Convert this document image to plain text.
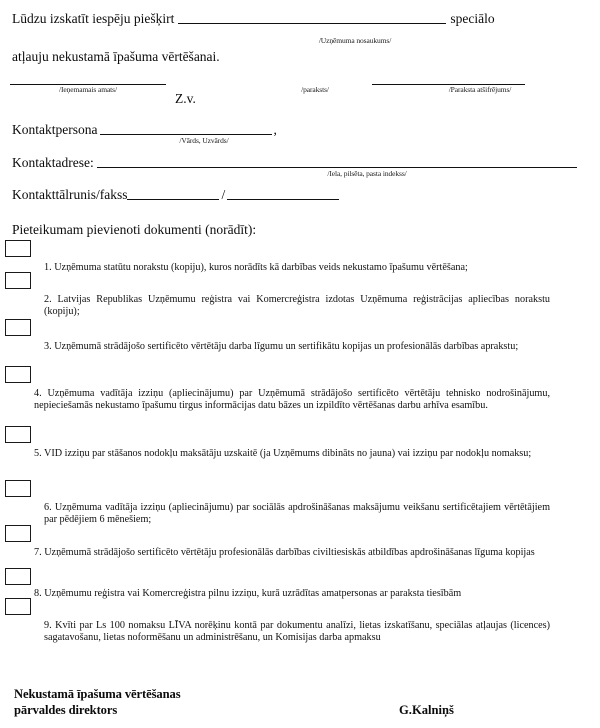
Lūdzu izskatīt iespēju piešķirt	speciālo
/Uzņēmuma nosaukums/
atļauju nekustamā īpašuma vērtēšanai.
/Ieņemamais amats/
Z.v.
/paraksts/	/Paraksta atšifrējums/
Kontaktpersona	,
/Vārds, Uzvārds/
Kontaktadrese:
/Iela, pilsēta, pasta indekss/
Kontakttālrunis/fakss	/
Pieteikumam pievienoti dokumenti (norādīt):
1. Uzņēmuma statūtu norakstu (kopiju), kuros norādīts kā darbības veids nekustamo īpašumu vērtēšana;
2. Latvijas Republikas Uzņēmumu reģistra vai Komercreģistra izdotas Uzņēmuma reģistrācijas apliecības norakstu (kopiju);
3. Uzņēmumā strādājošo sertificēto vērtētāju darba līgumu un sertifikātu kopijas un profesionālās darbības aprakstu;
4. Uzņēmuma vadītāja izziņu (apliecinājumu) par Uzņēmumā strādājošo sertificēto vērtētāju tehnisko nodrošinājumu, nepieciešamās nekustamo īpašumu tirgus informācijas datu bāzes un izpildīto vērtēšanas darbu arhīva esamību.
5. VID izziņu par stāšanos nodokļu maksātāju uzskaitē (ja Uzņēmums dibināts no jauna) vai izziņu par nodokļu nomaksu;
6. Uzņēmuma vadītāja izziņu (apliecinājumu) par sociālās apdrošināšanas maksājumu veikšanu sertificētajiem vērtētājiem par pēdējiem 6 mēnešiem;
7. Uzņēmumā strādājošo sertificēto vērtētāju profesionālās darbības civiltiesiskās atbildības apdrošināšanas līguma kopijas
8. Uzņēmumu reģistra vai Komercreģistra pilnu izziņu, kurā uzrādītas amatpersonas ar paraksta tiesībām
9. Kvīti par Ls 100 nomaksu LĪVA norēķinu kontā par dokumentu analīzi, lietas izskatīšanu, speciālas atļaujas (licences) sagatavošanu, lietas noformēšanu un administrēšanu, un Komisijas darba apmaksu
Nekustamā īpašuma vērtēšanas
pārvaldes direktors	G.Kalniņš
